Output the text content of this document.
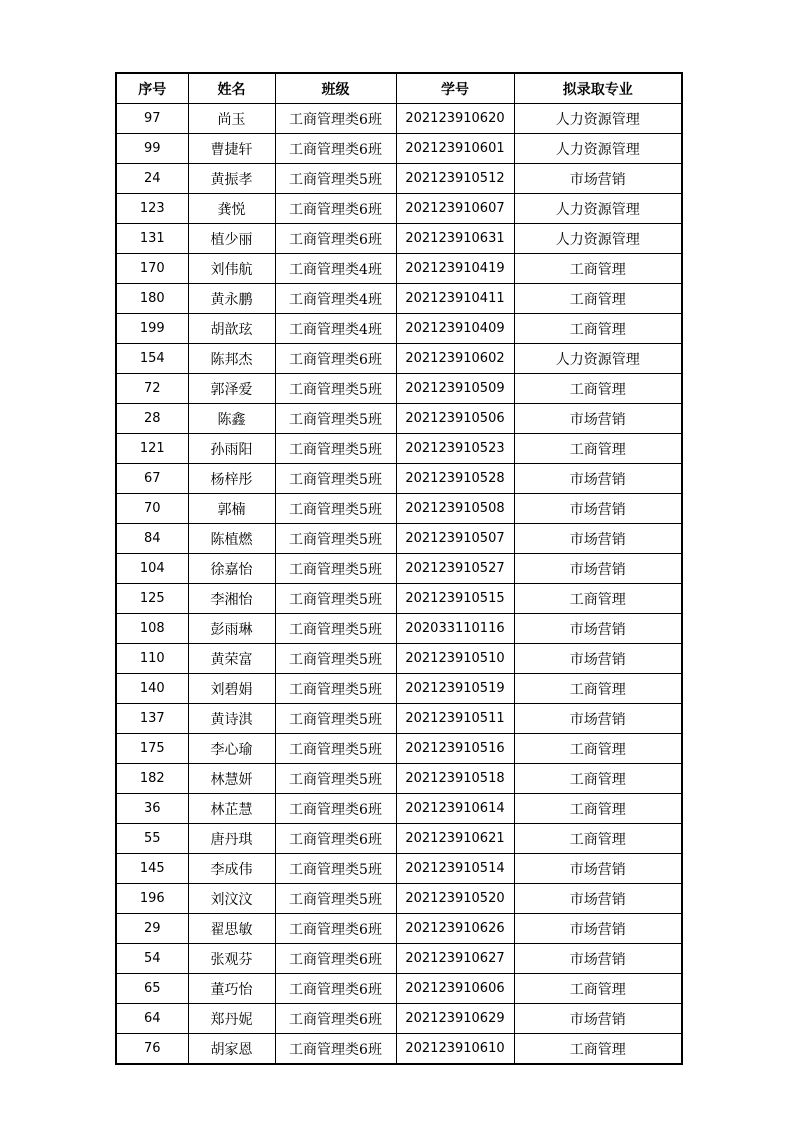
序号	姓名	班级	学号	拟录取专业
97	尚玉	工商管理类6班	202123910620	人力资源管理
99	曹捷轩	工商管理类6班	202123910601	人力资源管理
24	黄振孝	工商管理类5班	202123910512	市场营销
123	龚悦	工商管理类6班	202123910607	人力资源管理
131	植少丽	工商管理类6班	202123910631	人力资源管理
170	刘伟航	工商管理类4班	202123910419	工商管理
180	黄永鹏	工商管理类4班	202123910411	工商管理
199	胡歆玹	工商管理类4班	202123910409	工商管理
154	陈邦杰	工商管理类6班	202123910602	人力资源管理
72	郭泽爱	工商管理类5班	202123910509	工商管理
28	陈鑫	工商管理类5班	202123910506	市场营销
121	孙雨阳	工商管理类5班	202123910523	工商管理
67	杨梓彤	工商管理类5班	202123910528	市场营销
70	郭楠	工商管理类5班	202123910508	市场营销
84	陈植燃	工商管理类5班	202123910507	市场营销
104	徐嘉怡	工商管理类5班	202123910527	市场营销
125	李湘怡	工商管理类5班	202123910515	工商管理
108	彭雨琳	工商管理类5班	202033110116	市场营销
110	黄荣富	工商管理类5班	202123910510	市场营销
140	刘碧娟	工商管理类5班	202123910519	工商管理
137	黄诗淇	工商管理类5班	202123910511	市场营销
175	李心瑜	工商管理类5班	202123910516	工商管理
182	林慧妍	工商管理类5班	202123910518	工商管理
36	林芷慧	工商管理类6班	202123910614	工商管理
55	唐丹琪	工商管理类6班	202123910621	工商管理
145	李成伟	工商管理类5班	202123910514	市场营销
196	刘汶汶	工商管理类5班	202123910520	市场营销
29	翟思敏	工商管理类6班	202123910626	市场营销
54	张观芬	工商管理类6班	202123910627	市场营销
65	董巧怡	工商管理类6班	202123910606	工商管理
64	郑丹妮	工商管理类6班	202123910629	市场营销
76	胡家恩	工商管理类6班	202123910610	工商管理
